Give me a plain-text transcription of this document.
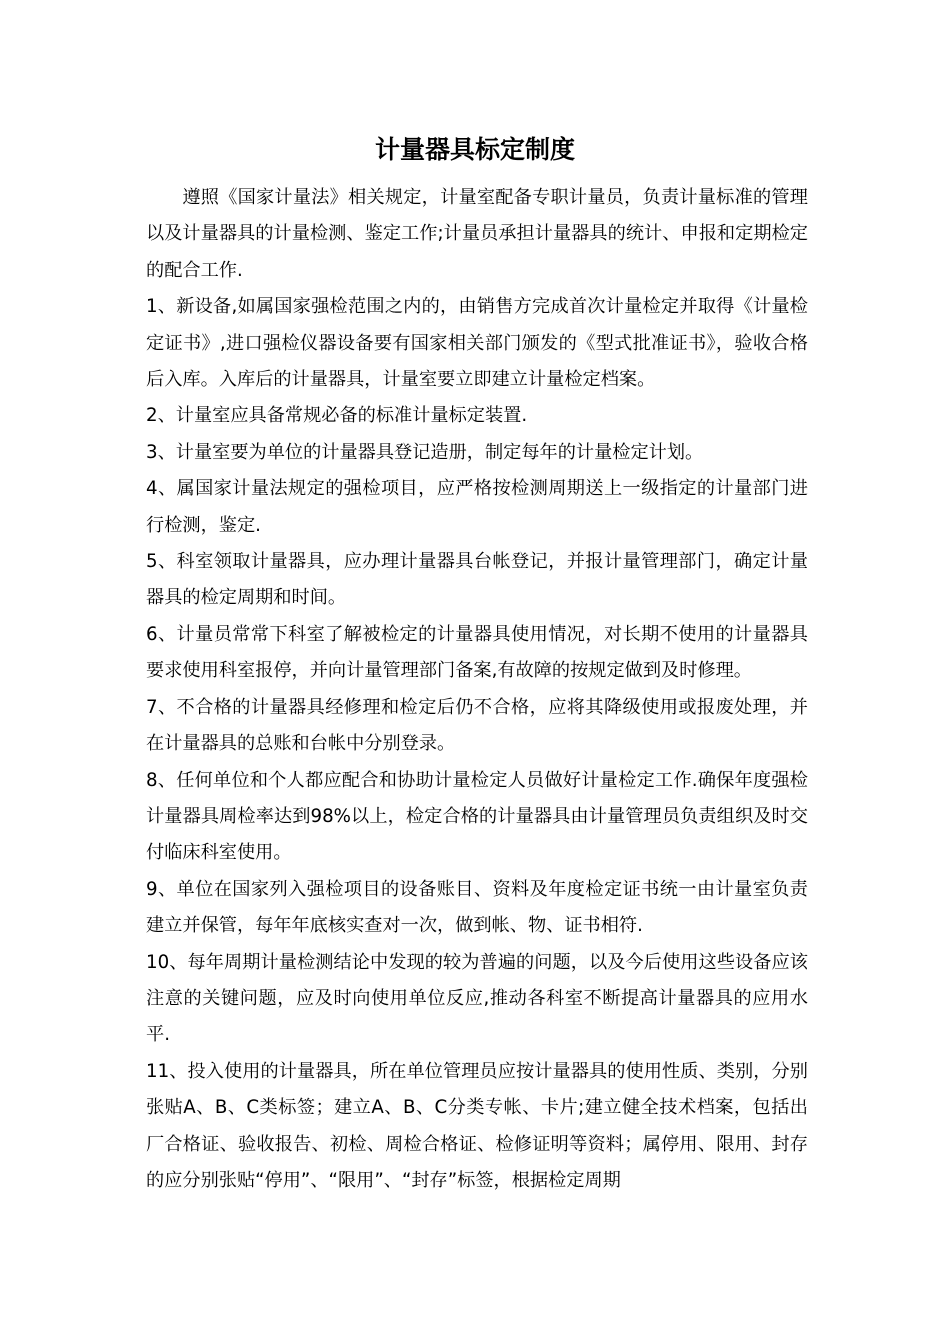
计量器具标定制度

遵照《国家计量法》相关规定，计量室配备专职计量员，负责计量标准的管理以及计量器具的计量检测、鉴定工作;计量员承担计量器具的统计、申报和定期检定的配合工作.

1、新设备,如属国家强检范围之内的，由销售方完成首次计量检定并取得《计量检定证书》,进口强检仪器设备要有国家相关部门颁发的《型式批准证书》，验收合格后入库。入库后的计量器具，计量室要立即建立计量检定档案。

2、计量室应具备常规必备的标准计量标定装置.

3、计量室要为单位的计量器具登记造册，制定每年的计量检定计划。

4、属国家计量法规定的强检项目，应严格按检测周期送上一级指定的计量部门进行检测，鉴定.

5、科室领取计量器具，应办理计量器具台帐登记，并报计量管理部门，确定计量器具的检定周期和时间。

6、计量员常常下科室了解被检定的计量器具使用情况，对长期不使用的计量器具要求使用科室报停，并向计量管理部门备案,有故障的按规定做到及时修理。

7、不合格的计量器具经修理和检定后仍不合格，应将其降级使用或报废处理，并在计量器具的总账和台帐中分别登录。

8、任何单位和个人都应配合和协助计量检定人员做好计量检定工作.确保年度强检计量器具周检率达到98%以上，检定合格的计量器具由计量管理员负责组织及时交付临床科室使用。

9、单位在国家列入强检项目的设备账目、资料及年度检定证书统一由计量室负责建立并保管，每年年底核实查对一次，做到帐、物、证书相符.

10、每年周期计量检测结论中发现的较为普遍的问题，以及今后使用这些设备应该注意的关键问题，应及时向使用单位反应,推动各科室不断提高计量器具的应用水平.

11、投入使用的计量器具，所在单位管理员应按计量器具的使用性质、类别，分别张贴A、B、C类标签；建立A、B、C分类专帐、卡片;建立健全技术档案，包括出厂合格证、验收报告、初检、周检合格证、检修证明等资料；属停用、限用、封存的应分别张贴“停用”、“限用”、“封存”标签，根据检定周期
